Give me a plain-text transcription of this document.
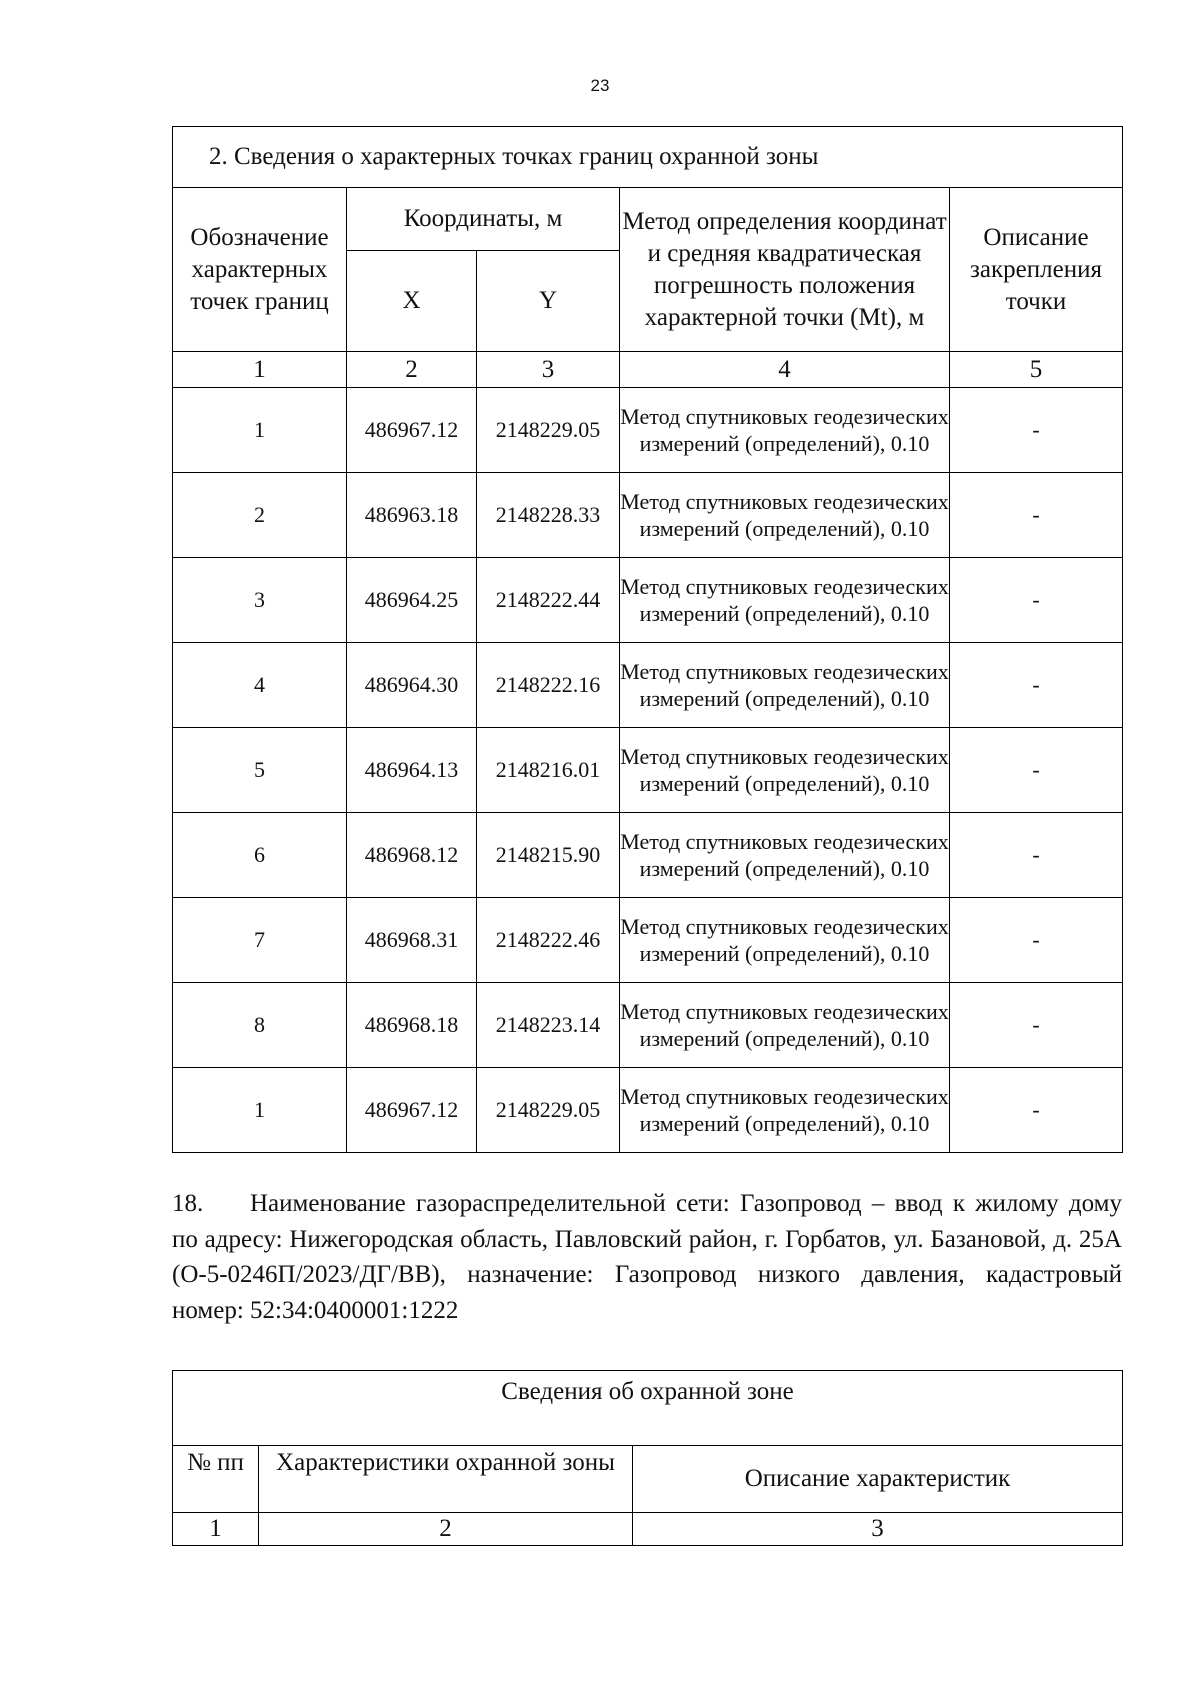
23
2. Сведения о характерных точках границ охранной зоны				
Обозначение характерных точек границ	Координаты, м		Метод определения координат и средняя квадратическая погрешность положения характерной точки (Mt), м	Описание закрепления точки
	X	Y		
1	2	3	4	5
1	486967.12	2148229.05	Метод спутниковых геодезических измерений (определений), 0.10	-
2	486963.18	2148228.33	Метод спутниковых геодезических измерений (определений), 0.10	-
3	486964.25	2148222.44	Метод спутниковых геодезических измерений (определений), 0.10	-
4	486964.30	2148222.16	Метод спутниковых геодезических измерений (определений), 0.10	-
5	486964.13	2148216.01	Метод спутниковых геодезических измерений (определений), 0.10	-
6	486968.12	2148215.90	Метод спутниковых геодезических измерений (определений), 0.10	-
7	486968.31	2148222.46	Метод спутниковых геодезических измерений (определений), 0.10	-
8	486968.18	2148223.14	Метод спутниковых геодезических измерений (определений), 0.10	-
1	486967.12	2148229.05	Метод спутниковых геодезических измерений (определений), 0.10	-

18. Наименование газораспределительной сети: Газопровод – ввод к жилому дому по адресу: Нижегородская область, Павловский район, г. Горбатов, ул. Базановой, д. 25А (О-5-0246П/2023/ДГ/ВВ), назначение: Газопровод низкого давления, кадастровый номер: 52:34:0400001:1222

Сведения об охранной зоне		
№ пп	Характеристики охранной зоны	Описание характеристик
1	2	3
